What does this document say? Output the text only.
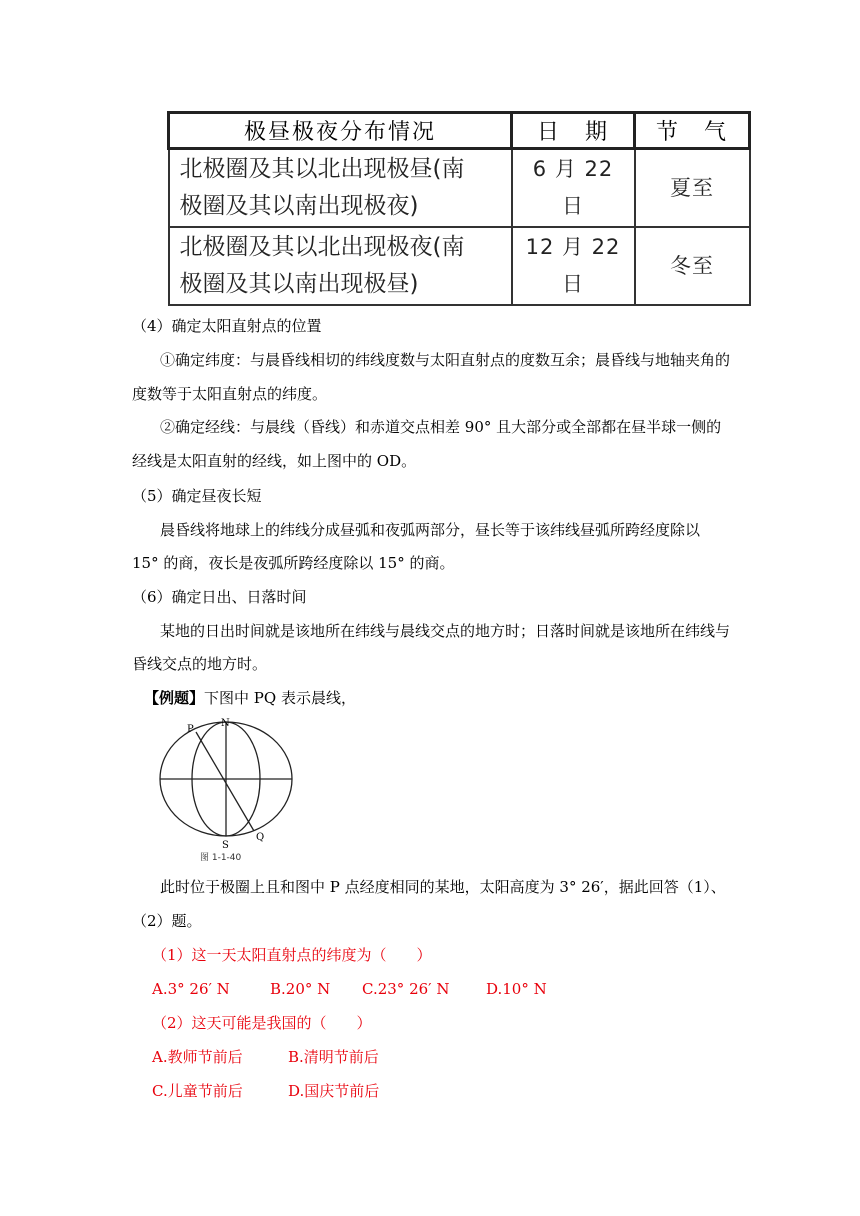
极昼极夜分布情况	日　期	节　气

北极圈及其以北出现极昼(南
极圈及其以南出现极夜)	6 月 22 日	夏至

北极圈及其以北出现极夜(南
极圈及其以南出现极昼)	12 月 22 日	冬至
（4）确定太阳直射点的位置
①确定纬度：与晨昏线相切的纬线度数与太阳直射点的度数互余；晨昏线与地轴夹角的
度数等于太阳直射点的纬度。
②确定经线：与晨线（昏线）和赤道交点相差 90° 且大部分或全部都在昼半球一侧的
经线是太阳直射的经线，如上图中的 OD。
（5）确定昼夜长短
晨昏线将地球上的纬线分成昼弧和夜弧两部分，昼长等于该纬线昼弧所跨经度除以
15° 的商，夜长是夜弧所跨经度除以 15° 的商。
（6）确定日出、日落时间
某地的日出时间就是该地所在纬线与晨线交点的地方时；日落时间就是该地所在纬线与
昏线交点的地方时。
【例题】下图中 PQ 表示晨线，
P
N
Q
S
图 1-1-40
此时位于极圈上且和图中 P 点经度相同的某地，太阳高度为 3° 26′，据此回答（1）、
（2）题。
（1）这一天太阳直射点的纬度为（　　）
A.3° 26′ N	B.20° N C.23° 26′ N D.10° N
（2）这天可能是我国的（　　）
A.教师节前后	B.清明节前后
C.儿童节前后	D.国庆节前后
